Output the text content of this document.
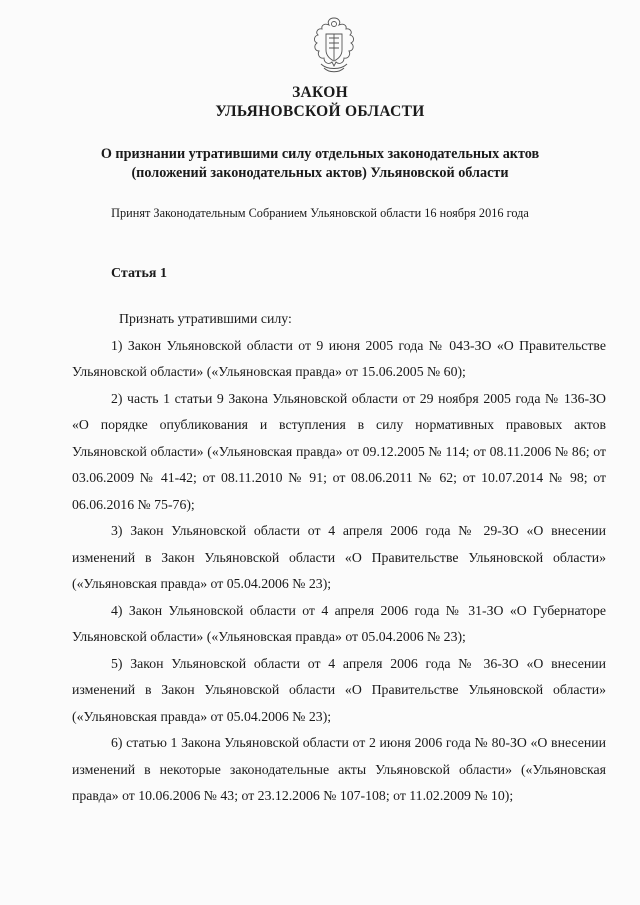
ЗАКОН
УЛЬЯНОВСКОЙ ОБЛАСТИ
О признании утратившими силу отдельных законодательных актов
(положений законодательных актов) Ульяновской области
Принят Законодательным Собранием Ульяновской области 16 ноября 2016 года
Статья 1

Признать утратившими силу:

1) Закон Ульяновской области от 9 июня 2005 года № 043-ЗО «О Правительстве Ульяновской области» («Ульяновская правда» от 15.06.2005 № 60);

2) часть 1 статьи 9 Закона Ульяновской области от 29 ноября 2005 года № 136-ЗО «О порядке опубликования и вступления в силу нормативных правовых актов Ульяновской области» («Ульяновская правда» от 09.12.2005 № 114; от 08.11.2006 № 86; от 03.06.2009 № 41-42; от 08.11.2010 № 91; от 08.06.2011 № 62; от 10.07.2014 № 98; от 06.06.2016 № 75-76);

3) Закон Ульяновской области от 4 апреля 2006 года № 29-ЗО «О внесении изменений в Закон Ульяновской области «О Правительстве Ульяновской области» («Ульяновская правда» от 05.04.2006 № 23);

4) Закон Ульяновской области от 4 апреля 2006 года № 31-ЗО «О Губернаторе Ульяновской области» («Ульяновская правда» от 05.04.2006 № 23);

5) Закон Ульяновской области от 4 апреля 2006 года № 36-ЗО «О внесении изменений в Закон Ульяновской области «О Правительстве Ульяновской области» («Ульяновская правда» от 05.04.2006 № 23);

6) статью 1 Закона Ульяновской области от 2 июня 2006 года № 80-ЗО «О внесении изменений в некоторые законодательные акты Ульяновской области» («Ульяновская правда» от 10.06.2006 № 43; от 23.12.2006 № 107-108; от 11.02.2009 № 10);
